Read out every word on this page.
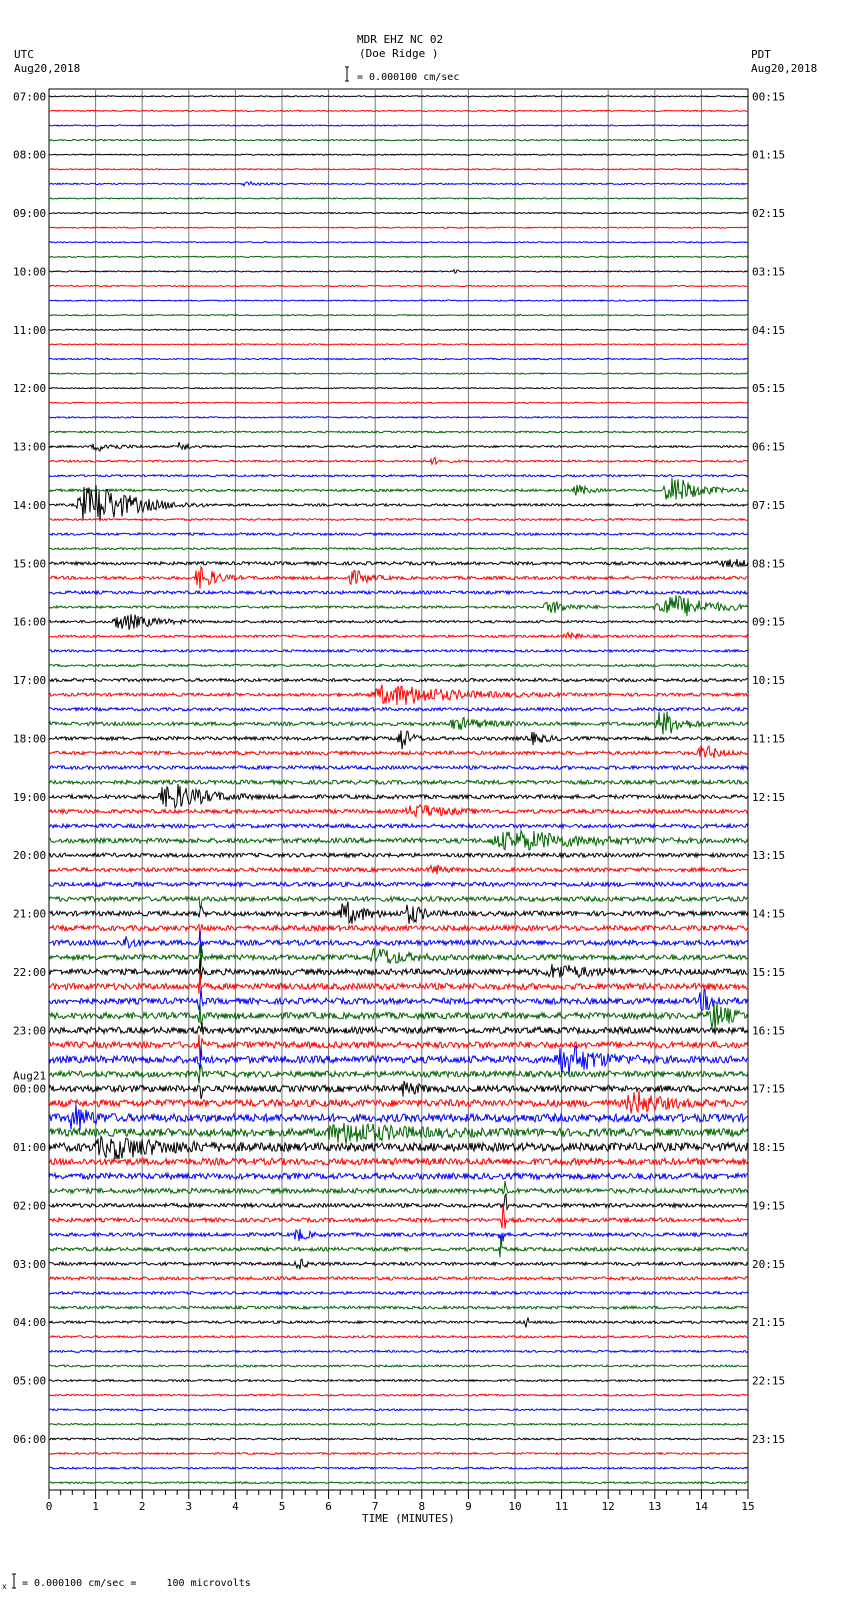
MDR EHZ NC 02
(Doe Ridge )
UTC
Aug20,2018
PDT
Aug20,2018
= 0.000100 cm/sec
TIME (MINUTES)
= 0.000100 cm/sec =     100 microvolts
07:00
08:00
09:00
10:00
11:00
12:00
13:00
14:00
15:00
16:00
17:00
18:00
19:00
20:00
21:00
22:00
23:00
00:00
Aug21
01:00
02:00
03:00
04:00
05:00
06:00
00:15
01:15
02:15
03:15
04:15
05:15
06:15
07:15
08:15
09:15
10:15
11:15
12:15
13:15
14:15
15:15
16:15
17:15
18:15
19:15
20:15
21:15
22:15
23:15
0	1	2	3	4	5	6	7	8	9	10	11	12	13	14	15
x
